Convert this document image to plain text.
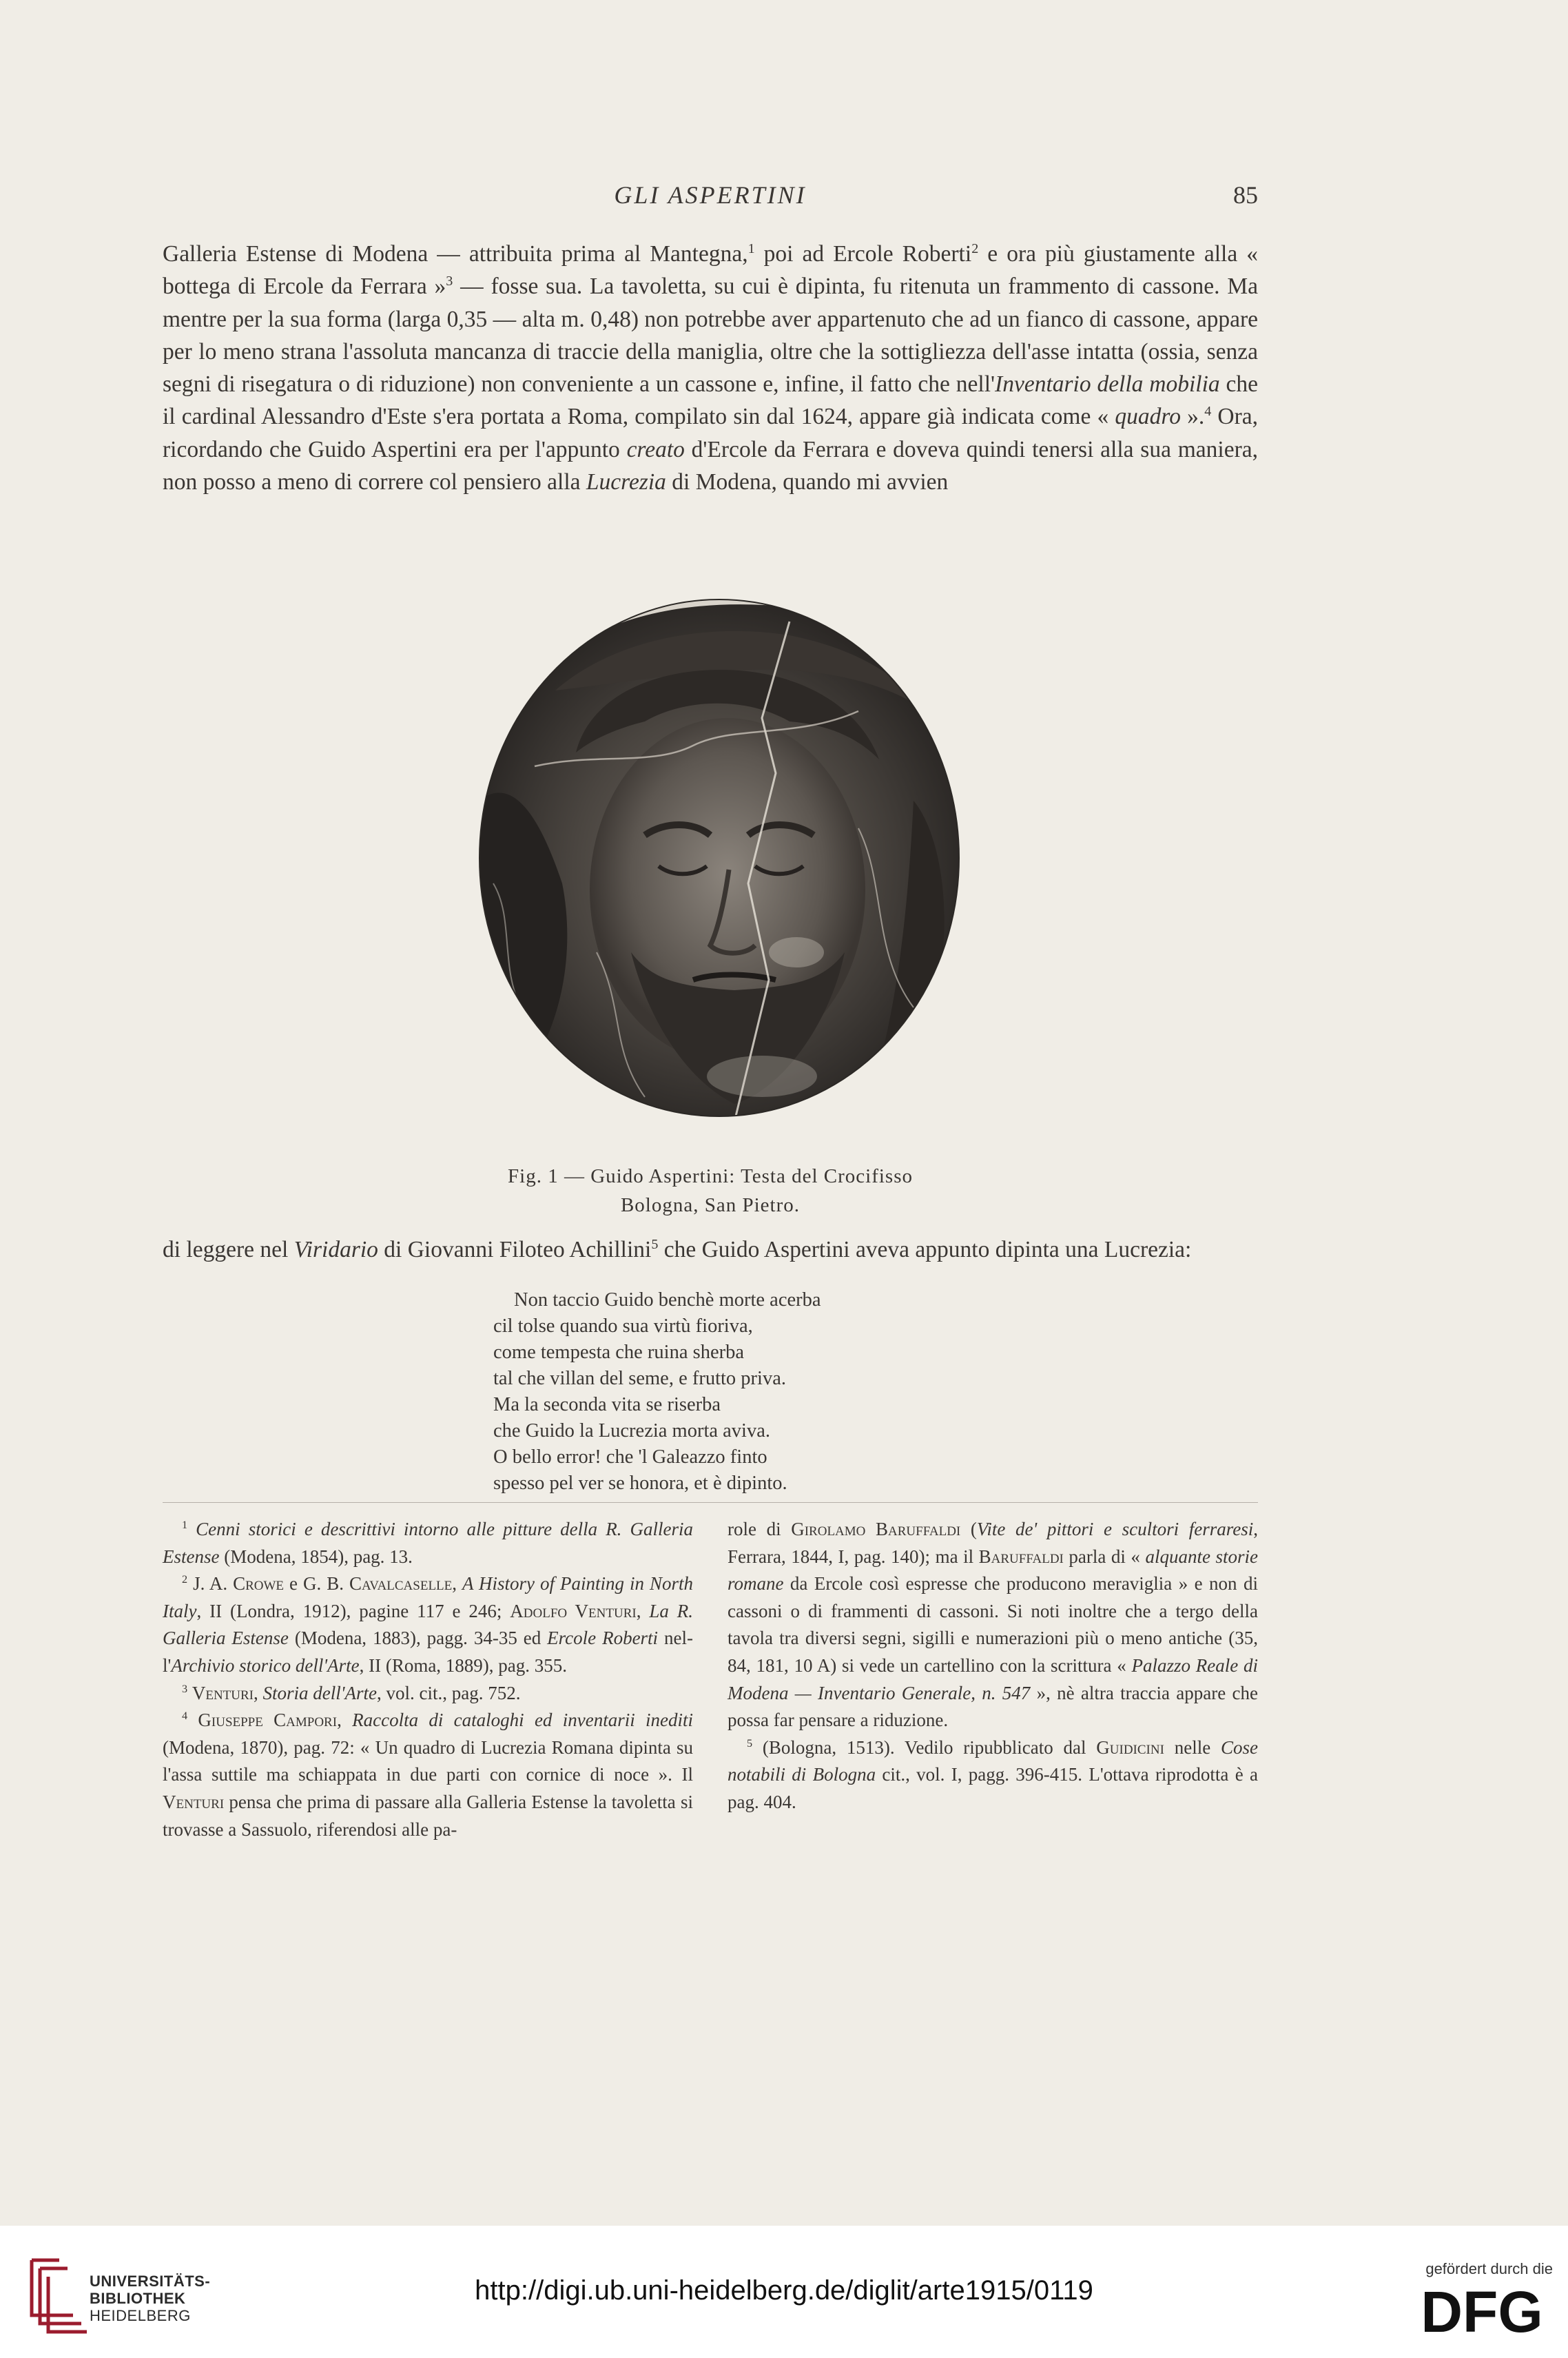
GLI ASPERTINI	85

Galleria Estense di Modena — attribuita prima al Mantegna,$^1$ poi ad Ercole Roberti$^2$ e ora più giustamente alla « bottega di Ercole da Ferrara »$^3$ — fosse sua. La tavoletta, su cui è dipinta, fu ritenuta un frammento di cassone. Ma mentre per la sua forma (larga 0,35 — alta m. 0,48) non potrebbe aver appartenuto che ad un fianco di cassone, appare per lo meno strana l'assoluta mancanza di traccie della maniglia, oltre che la sottigliezza dell'asse intatta (ossia, senza segni di risegatura o di riduzione) non conveniente a un cassone e, infine, il fatto che nell'Inventario della mobilia che il cardinal Alessandro d'Este s'era portata a Roma, compilato sin dal 1624, appare già indicata come « quadro ».$^4$ Ora, ricordando che Guido Aspertini era per l'appunto creato d'Ercole da Ferrara e doveva quindi tenersi alla sua maniera, non posso a meno di correre col pensiero alla Lucrezia di Modena, quando mi avvien

Fig. 1 — Guido Aspertini: Testa del Crocifisso
Bologna, San Pietro.

di leggere nel Viridario di Giovanni Filoteo Achillini$^5$ che Guido Aspertini aveva appunto dipinta una Lucrezia:

Non taccio Guido benchè morte acerba
cil tolse quando sua virtù fioriva,
come tempesta che ruina sherba
tal che villan del seme, e frutto priva.
Ma la seconda vita se riserba
che Guido la Lucrezia morta aviva.
O bello error! che 'l Galeazzo finto
spesso pel ver se honora, et è dipinto.

$^1$ Cenni storici e descrittivi intorno alle pitture della R. Galleria Estense (Modena, 1854), pag. 13.

$^2$ J. A. Crowe e G. B. Cavalcaselle, A History of Painting in North Italy, II (Londra, 1912), pagine 117 e 246; Adolfo Venturi, La R. Galleria Estense (Modena, 1883), pagg. 34-35 ed Ercole Roberti nel- l'Archivio storico dell'Arte, II (Roma, 1889), pag. 355.

$^3$ Venturi, Storia dell'Arte, vol. cit., pag. 752.

$^4$ Giuseppe Campori, Raccolta di cataloghi ed inventarii inediti (Modena, 1870), pag. 72: « Un quadro di Lucrezia Romana dipinta su l'assa suttile ma schiappata in due parti con cornice di noce ». Il Venturi pensa che prima di passare alla Galleria Estense la tavoletta si trovasse a Sassuolo, riferendosi alle pa-

role di Girolamo Baruffaldi (Vite de' pittori e scultori ferraresi, Ferrara, 1844, I, pag. 140); ma il Baruffaldi parla di « alquante storie romane da Ercole così espresse che producono meraviglia » e non di cassoni o di frammenti di cassoni. Si noti inoltre che a tergo della tavola tra diversi segni, sigilli e numerazioni più o meno antiche (35, 84, 181, 10 A) si vede un cartellino con la scrittura « Palazzo Reale di Modena — Inventario Generale, n. 547 », nè altra traccia appare che possa far pensare a riduzione.

$^5$ (Bologna, 1513). Vedilo ripubblicato dal Guidicini nelle Cose notabili di Bologna cit., vol. I, pagg. 396-415. L'ottava riprodotta è a pag. 404.

UNIVERSITÄTS-
BIBLIOTHEK
HEIDELBERG
http://digi.ub.uni-heidelberg.de/diglit/arte1915/0119
gefördert durch die
DFG
